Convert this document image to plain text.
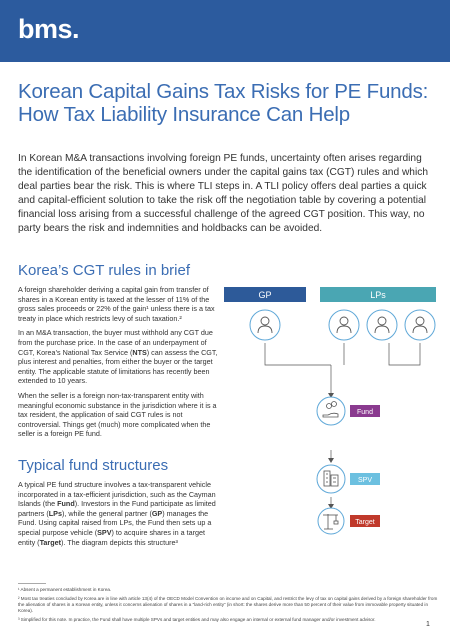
bms.
Korean Capital Gains Tax Risks for PE Funds: How Tax Liability Insurance Can Help

In Korean M&A transactions involving foreign PE funds, uncertainty often arises regarding the identification of the beneficial owners under the capital gains tax (CGT) rules and which deal parties bear the risk. This is where TLI steps in. A TLI policy offers deal parties a quick and capital-efficient solution to take the risk off the negotiation table by covering a potential financial loss arising from a successful challenge of the agreed CGT position. This way, no party bears the risk and indemnities and holdbacks can be avoided.

Korea’s CGT rules in brief

A foreign shareholder deriving a capital gain from transfer of shares in a Korean entity is taxed at the lesser of 11% of the gross sales proceeds or 22% of the gain¹ unless there is a tax treaty in place which restricts levy of such taxation.²

In an M&A transaction, the buyer must withhold any CGT due from the purchase price. In the case of an underpayment of CGT, Korea’s National Tax Service (NTS) can assess the CGT, plus interest and penalties, from either the buyer or the target entity. The applicable statute of limitations has recently been extended to 10 years.

When the seller is a foreign non-tax-transparent entity with meaningful economic substance in the jurisdiction where it is a tax resident, the application of said CGT rules is not controversial. Things get (much) more complicated when the seller is a foreign PE fund.

Typical fund structures

A typical PE fund structure involves a tax-transparent vehicle incorporated in a tax-efficient jurisdiction, such as the Cayman Islands (the Fund). Investors in the Fund participate as limited partners (LPs), while the general partner (GP) manages the Fund. Using capital raised from LPs, the Fund then sets up a special purpose vehicle (SPV) to acquire shares in a target entity (Target). The diagram depicts this structure³

GP	LPs
Fund
SPV
Target

¹ Absent a permanent establishment in Korea.

² Most tax treaties concluded by Korea are in line with article 13(4) of the OECD Model Convention on income and on Capital, and restrict the levy of tax on capital gains derived by a foreign shareholder from the alienation of shares in a Korean entity, unless it concerns alienation of shares in a “land-rich entity” (in short: the shares derive more than 50 percent of their value from immovable property situated in Korea).

³ Simplified for this note. In practice, the Fund shall have multiple SPVs and target entities and may also engage an internal or external fund manager and/or investment advisor.

1
